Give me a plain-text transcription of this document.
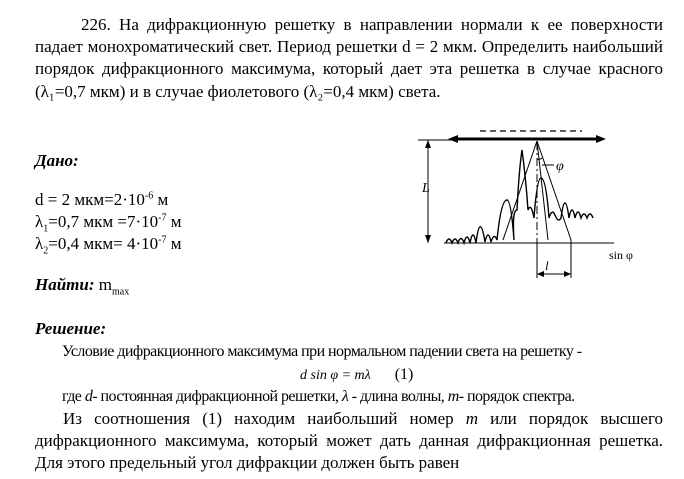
226. На дифракционную решетку в направлении нормали к ее поверхности падает монохроматический свет. Период решетки d = 2 мкм. Определить наибольший порядок дифракционного максимума, который дает эта решетка в случае красного (λ₁=0,7 мкм) и в случае фиолетового (λ₂=0,4 мкм) света.

Дано:

d = 2 $мкм=2\cdot 10^{-6}$ м

$\lambda_1=0,7$ мкм $=7\cdot 10^{-7}$ м

$\lambda_2=0,4$ $мкм= 4\cdot 10^{-7}$ м

Найти: $m_{max}$

Решение:

Условие дифракционного максимума при нормальном падении света на решетку -

d sin φ = mλ (1)

где d- постоянная дифракционной решетки, λ - длина волны, m- порядок спектра.

Из соотношения (1) находим наибольший номер m или порядок высшего дифракционного максимума, который может дать данная дифракционная решетка. Для этого предельный угол дифракции должен быть равен

L
φ
l
sin φ
